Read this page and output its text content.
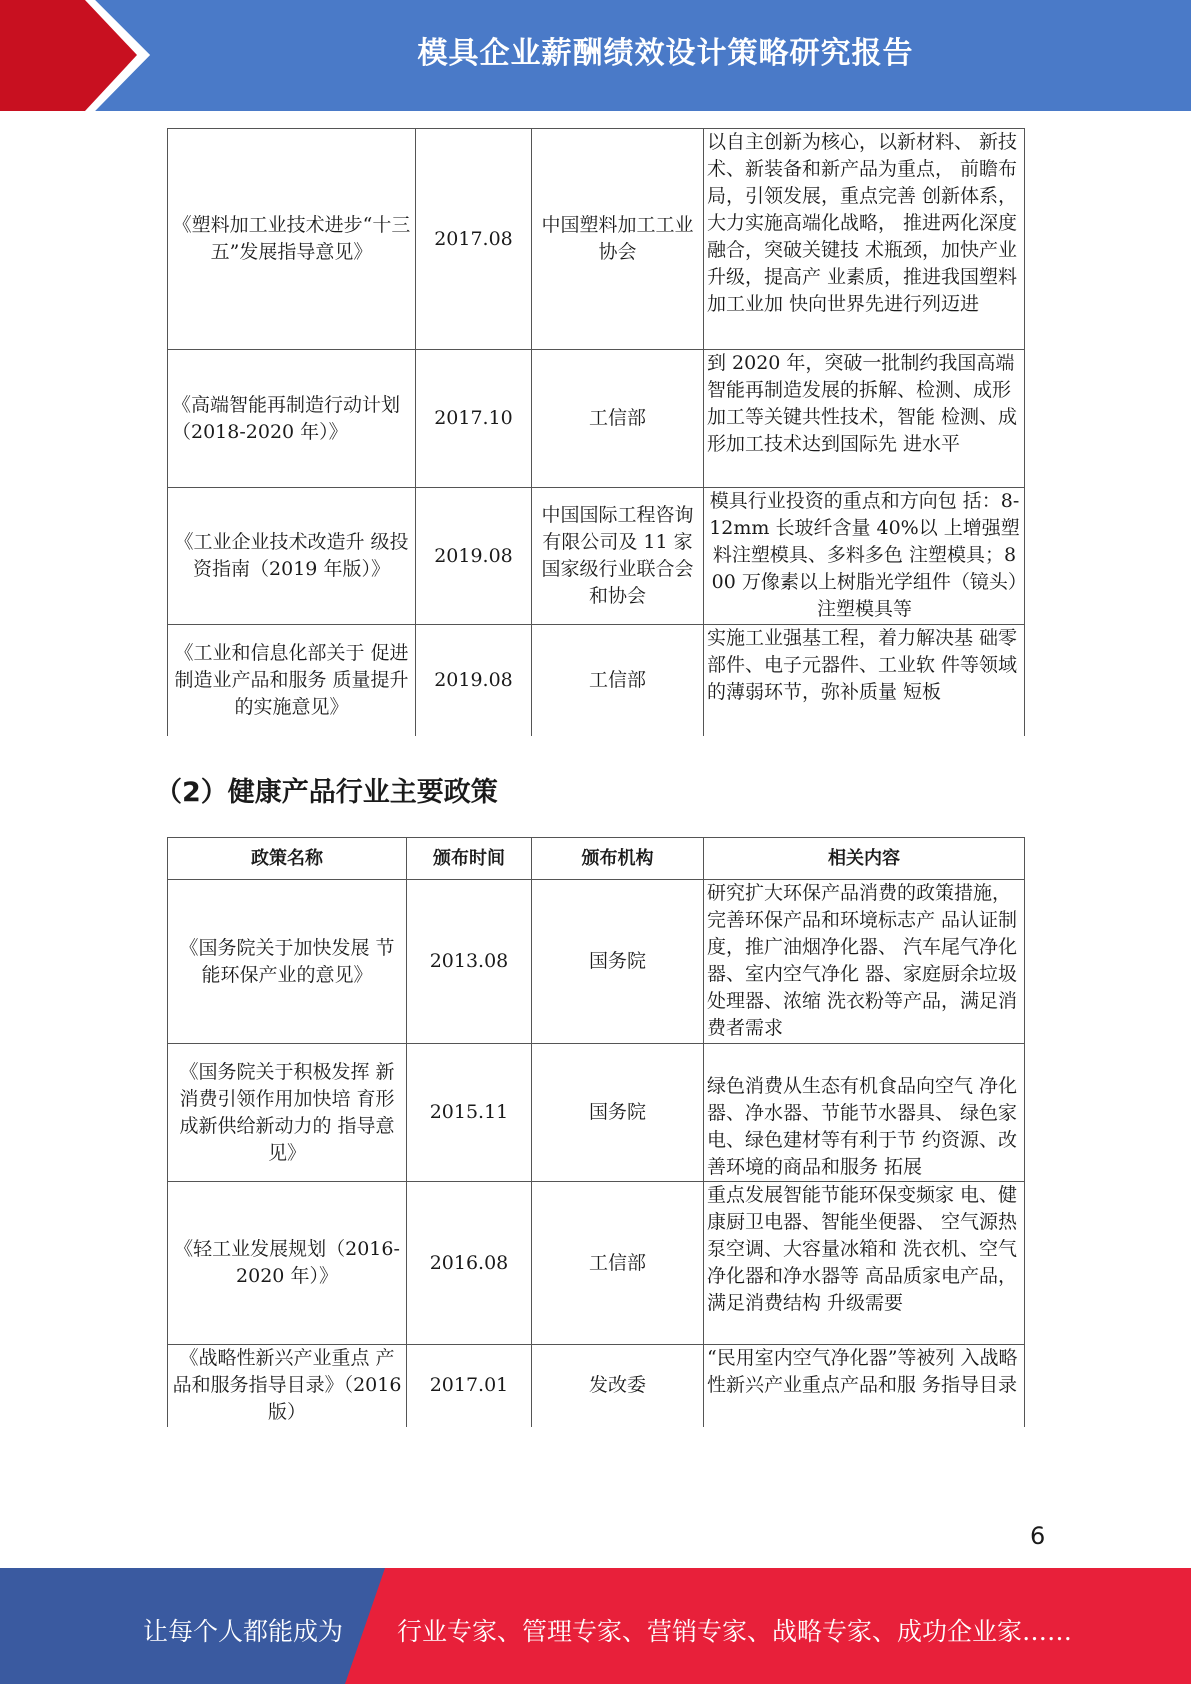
模具企业薪酬绩效设计策略研究报告
《塑料加工业技术进步“十三五”发展指导意见》	2017.08	中国塑料加工工业协会	以自主创新为核心，以新材料、 新技术、新装备和新产品为重点， 前瞻布局，引领发展，重点完善 创新体系，大力实施高端化战略， 推进两化深度融合，突破关键技 术瓶颈，加快产业升级，提高产 业素质，推进我国塑料加工业加 快向世界先进行列迈进
《高端智能再制造行动计划（2018-2020 年）》	2017.10	工信部	到 2020 年，突破一批制约我国高端智能再制造发展的拆解、检测、成形加工等关键共性技术，智能 检测、成形加工技术达到国际先 进水平
《工业企业技术改造升 级投资指南（2019 年版）》	2019.08	中国国际工程咨询有限公司及 11 家国家级行业联合会和协会	模具行业投资的重点和方向包 括：8-12mm 长玻纤含量 40%以 上增强塑料注塑模具、多料多色 注塑模具；800 万像素以上树脂光学组件（镜头）注塑模具等
《工业和信息化部关于 促进制造业产品和服务 质量提升的实施意见》	2019.08	工信部	实施工业强基工程，着力解决基 础零部件、电子元器件、工业软 件等领域的薄弱环节，弥补质量 短板
（2）健康产品行业主要政策
政策名称	颁布时间	颁布机构	相关内容
《国务院关于加快发展 节能环保产业的意见》	2013.08	国务院	研究扩大环保产品消费的政策措施，完善环保产品和环境标志产 品认证制度，推广油烟净化器、 汽车尾气净化器、室内空气净化 器、家庭厨余垃圾处理器、浓缩 洗衣粉等产品，满足消费者需求
《国务院关于积极发挥 新消费引领作用加快培 育形成新供给新动力的 指导意见》	2015.11	国务院	绿色消费从生态有机食品向空气 净化器、净水器、节能节水器具、 绿色家电、绿色建材等有利于节 约资源、改善环境的商品和服务 拓展
《轻工业发展规划（2016-2020 年）》	2016.08	工信部	重点发展智能节能环保变频家 电、健康厨卫电器、智能坐便器、 空气源热泵空调、大容量冰箱和 洗衣机、空气净化器和净水器等 高品质家电产品，满足消费结构 升级需要
《战略性新兴产业重点 产品和服务指导目录》（2016 版）	2017.01	发改委	“民用室内空气净化器”等被列 入战略性新兴产业重点产品和服 务指导目录
6
让每个人都能成为 行业专家、管理专家、营销专家、战略专家、成功企业家……
